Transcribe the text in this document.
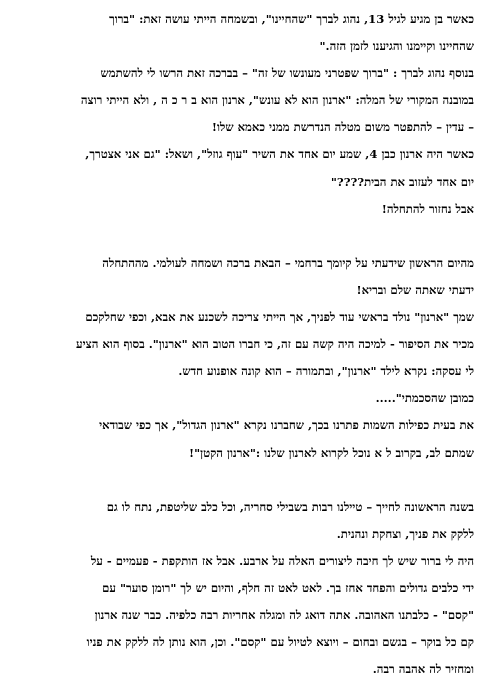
כאשר בן מגיע לגיל 13, נהוג לברך "שהחיינו", ובשמחה הייתי עושה זאת: "ברוך
שהחיינו וקיימנו והגיענו לזמן הזה."
בנוסף נהוג לברך : "ברוך שפטרני מעונשו של זה" – בברכה זאת הרשו לי להשתמש
במובנה המקורי של המלה: "ארנון הוא לא עונש", ארנון הוא ב ר כ ה , ולא הייתי רוצה
– עדין – להתפטר משום מטלה הנדרשת ממני כאמא שלו!
כאשר היה ארנון כבן 4, שמע יום אחד את השיר "עוף גוזל", ושאל: "גם אני אצטרך,
יום אחד לעזוב את הבית????"
אבל נחזור להתחלה!
מהיום הראשון שידעתי על קיומך ברחמי – הבאת ברכה ושמחה לעולמי. מההתחלה
ידעתי שאתה שלם ובריא!
שמך "ארנון" נולד בראשי עוד לפניך, אך הייתי צריכה לשכנע את אבא, וכפי שחלקכם
מכיר את הסיפור - למיכה היה קשה עם זה, כי חברו הטוב הוא "ארנון". בסוף הוא הציע
לי עסקה: נקרא לילד "ארנון", ובתמורה – הוא קונה אופנוע חדש.
כמובן שהסכמתי".....
את בעית כפילות השמות פתרנו בכך, שחברנו נקרא "ארנון הגדול", אך כפי שבודאי
שמתם לב, בקרוב ל א נוכל לקרוא לארנון שלנו :"ארנון הקטן"!
בשנה הראשונה לחייך – טיילנו רבות בשבילי סחריה, וכל כלב שליטפת, נתח לו גם
ללקק את פניך, וצחקת ונהנית.
היה לי ברור שיש לך חיבה ליצורים האלה על ארבע. אבל אז הותקפת - פעמיים - על
ידי כלבים גדולים והפחד אחז בך. לאט לאט זה חלף, והיום יש לך "רומן סוער" עם
"קסם" - כלבתנו האהובה. אתה דואג לה ומגלה אחריות רבה כלפיה. כבר שנה ארנון
קם כל בוקר – בגשם ובחום – ויוצא לטיול עם "קסם". וכן, הוא נותן לה ללקק את פניו
ומחזיר לה אהבה רבה.
